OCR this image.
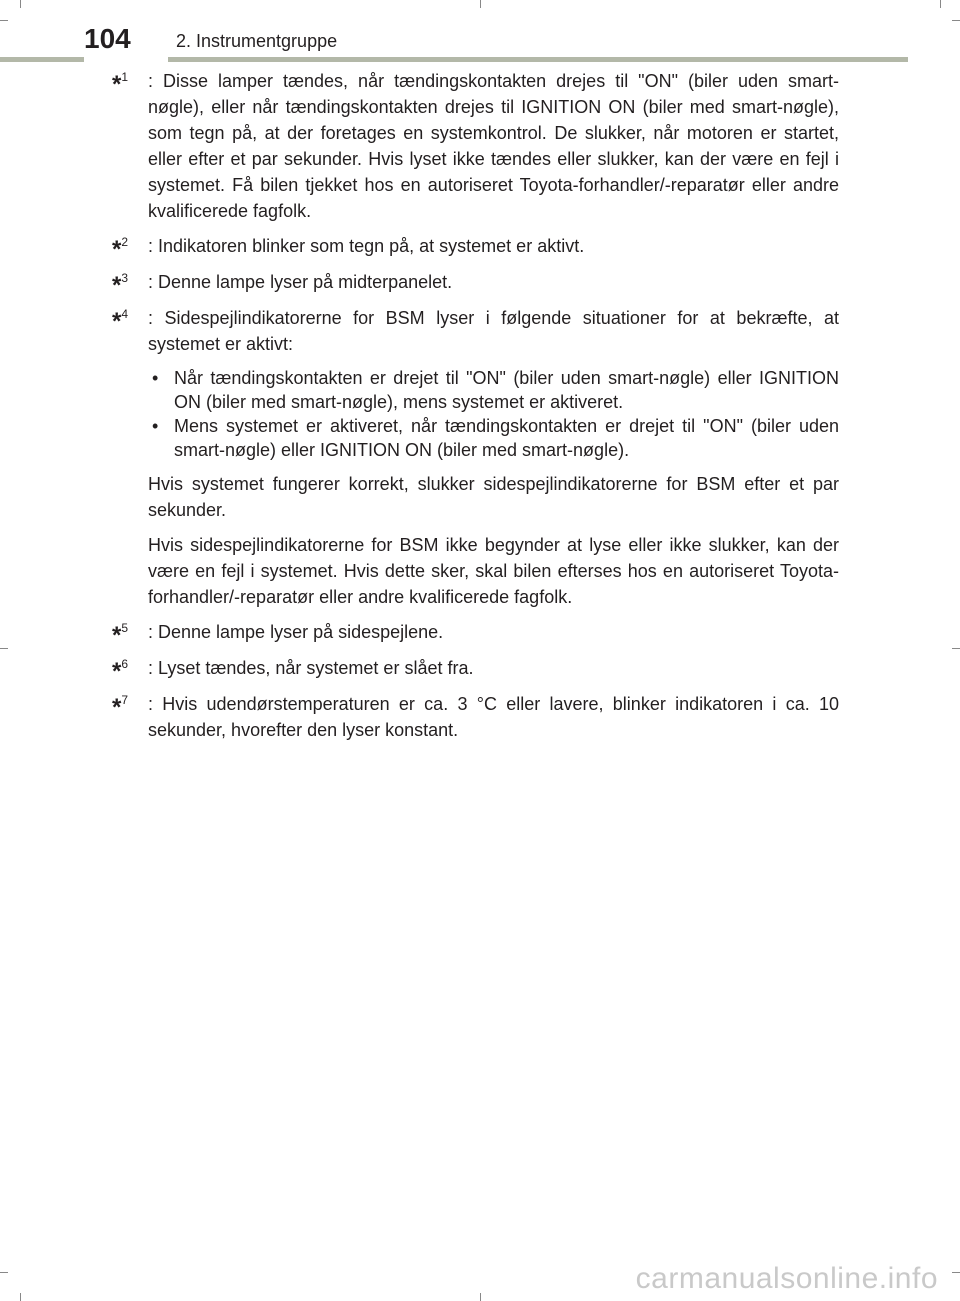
104	2. Instrumentgruppe
*$^1$	: Disse lamper tændes, når tændingskontakten drejes til "ON" (biler uden smart-nøgle), eller når tændingskontakten drejes til IGNITION ON (biler med smart-nøgle), som tegn på, at der foretages en systemkontrol. De slukker, når motoren er startet, eller efter et par sekunder. Hvis lyset ikke tændes eller slukker, kan der være en fejl i systemet. Få bilen tjekket hos en autoriseret Toyota-forhandler/-reparatør eller andre kvalificerede fagfolk.
*$^2$	: Indikatoren blinker som tegn på, at systemet er aktivt.
*$^3$	: Denne lampe lyser på midterpanelet.
*$^4$	: Sidespejlindikatorerne for BSM lyser i følgende situationer for at bekræfte, at systemet er aktivt:

• Når tændingskontakten er drejet til "ON" (biler uden smart-nøgle) eller IGNITION ON (biler med smart-nøgle), mens systemet er aktiveret.
• Mens systemet er aktiveret, når tændingskontakten er drejet til "ON" (biler uden smart-nøgle) eller IGNITION ON (biler med smart-nøgle).

Hvis systemet fungerer korrekt, slukker sidespejlindikatorerne for BSM efter et par sekunder.

Hvis sidespejlindikatorerne for BSM ikke begynder at lyse eller ikke slukker, kan der være en fejl i systemet. Hvis dette sker, skal bilen efterses hos en autoriseret Toyota-forhandler/-reparatør eller andre kvalificerede fagfolk.

*$^5$	: Denne lampe lyser på sidespejlene.
*$^6$	: Lyset tændes, når systemet er slået fra.
*$^7$	: Hvis udendørstemperaturen er ca. 3 °C eller lavere, blinker indikatoren i ca. 10 sekunder, hvorefter den lyser konstant.
carmanualsonline.info
